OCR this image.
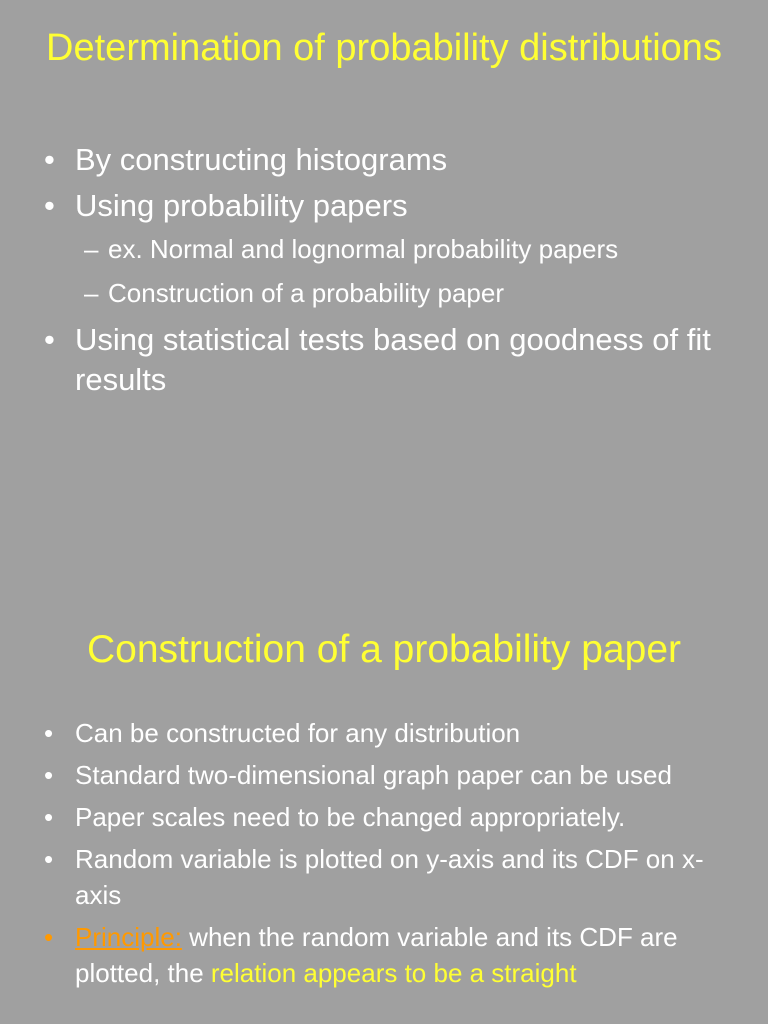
Determination of probability distributions
• By constructing histograms
• Using probability papers
– ex. Normal and lognormal probability papers
– Construction of a probability paper
• Using statistical tests based on goodness of fit results
Construction of a probability paper
• Can be constructed for any distribution
• Standard two-dimensional graph paper can be used
• Paper scales need to be changed appropriately.
• Random variable is plotted on y-axis and its CDF on x-axis
• Principle: when the random variable and its CDF are plotted, the relation appears to be a straight
